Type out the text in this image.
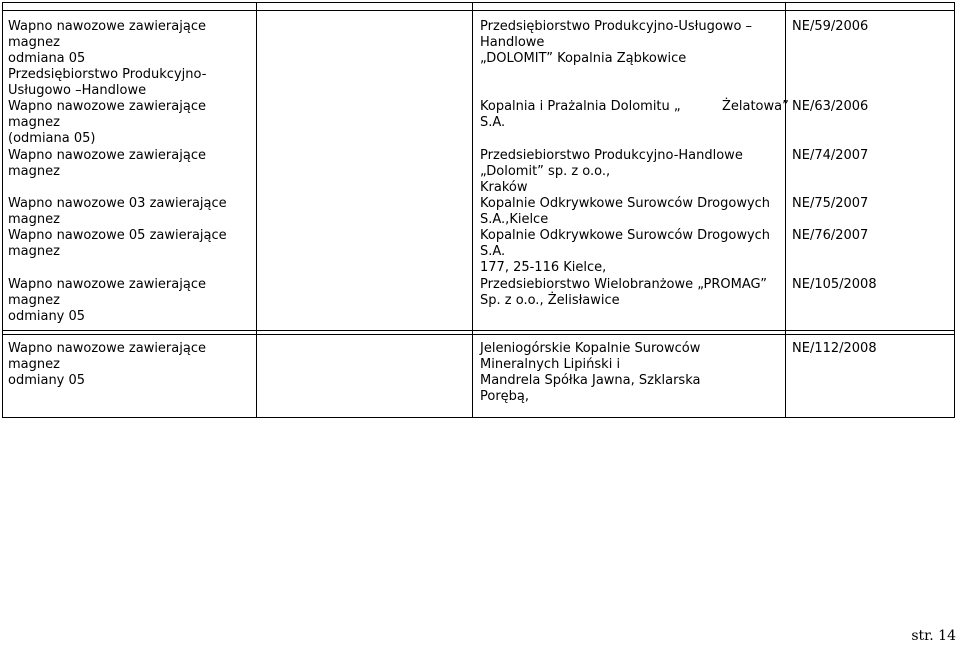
Wapno nawozowe zawierające
magnez
odmiana 05
Przedsiębiorstwo Produkcyjno-
Usługowo –Handlowe
Wapno nawozowe zawierające
magnez
(odmiana 05)
Wapno nawozowe zawierające
magnez
Wapno nawozowe 03 zawierające
magnez
Wapno nawozowe 05 zawierające
magnez
Wapno nawozowe zawierające
magnez
odmiany 05
Przedsiębiorstwo Produkcyjno-Usługowo –
Handlowe
„DOLOMIT” Kopalnia Ząbkowice
Kopalnia i Prażalnia Dolomitu „          Żelatowa”
S.A.
Przedsiebiorstwo Produkcyjno-Handlowe
„Dolomit” sp. z o.o.,
Kraków
Kopalnie Odkrywkowe Surowców Drogowych
S.A.,Kielce
Kopalnie Odkrywkowe Surowców Drogowych
S.A.
177, 25-116 Kielce,
Przedsiebiorstwo Wielobranżowe „PROMAG”
Sp. z o.o., Żelisławice
NE/59/2006
NE/63/2006
NE/74/2007
NE/75/2007
NE/76/2007
NE/105/2008
Wapno nawozowe zawierające
magnez
odmiany 05
Jeleniogórskie Kopalnie Surowców
Mineralnych Lipiński i
Mandrela Spółka Jawna, Szklarska
Porębą,
NE/112/2008
str. 14
